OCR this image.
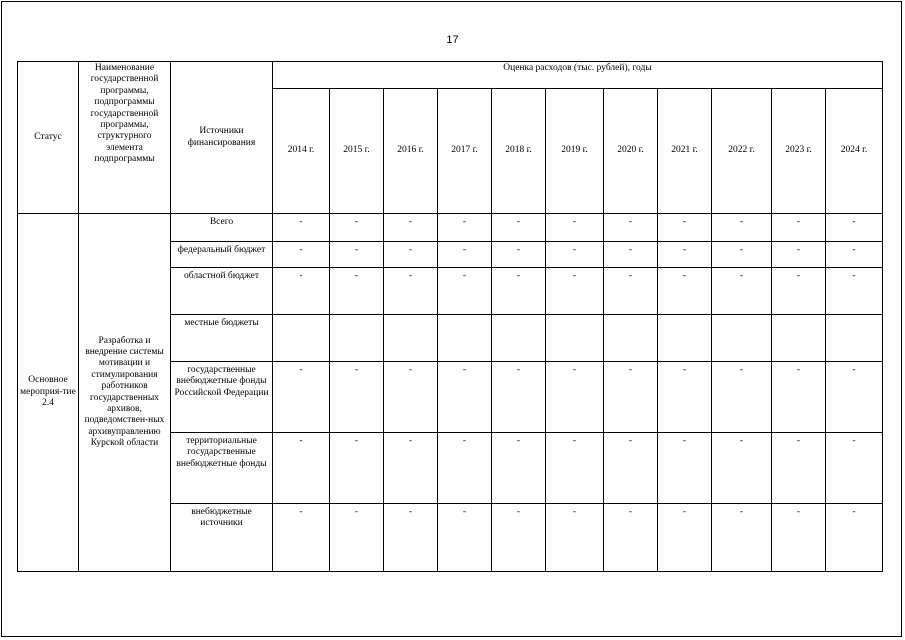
17
Статус	Наименование государственной программы, подпрограммы государственной программы, структурного элемента подпрограммы	Источники финансирования	Оценка расходов (тыс. рублей), годы										
			2014 г.	2015 г.	2016 г.	2017 г.	2018 г.	2019 г.	2020 г.	2021 г.	2022 г.	2023 г.	2024 г.
Основное мероприя-тие 2.4	Разработка и внедрение системы мотивации и стимулирования работников государственных архивов, подведомствен-ных архивуправлению Курской области	Всего	-	-	-	-	-	-	-	-	-	-	-
		федеральный бюджет	-	-	-	-	-	-	-	-	-	-	-
		областной бюджет	-	-	-	-	-	-	-	-	-	-	-
		местные бюджеты											
		государственные внебюджетные фонды Российской Федерации	-	-	-	-	-	-	-	-	-	-	-
		территориальные государственные внебюджетные фонды	-	-	-	-	-	-	-	-	-	-	-
		внебюджетные источники	-	-	-	-	-	-	-	-	-	-	-
